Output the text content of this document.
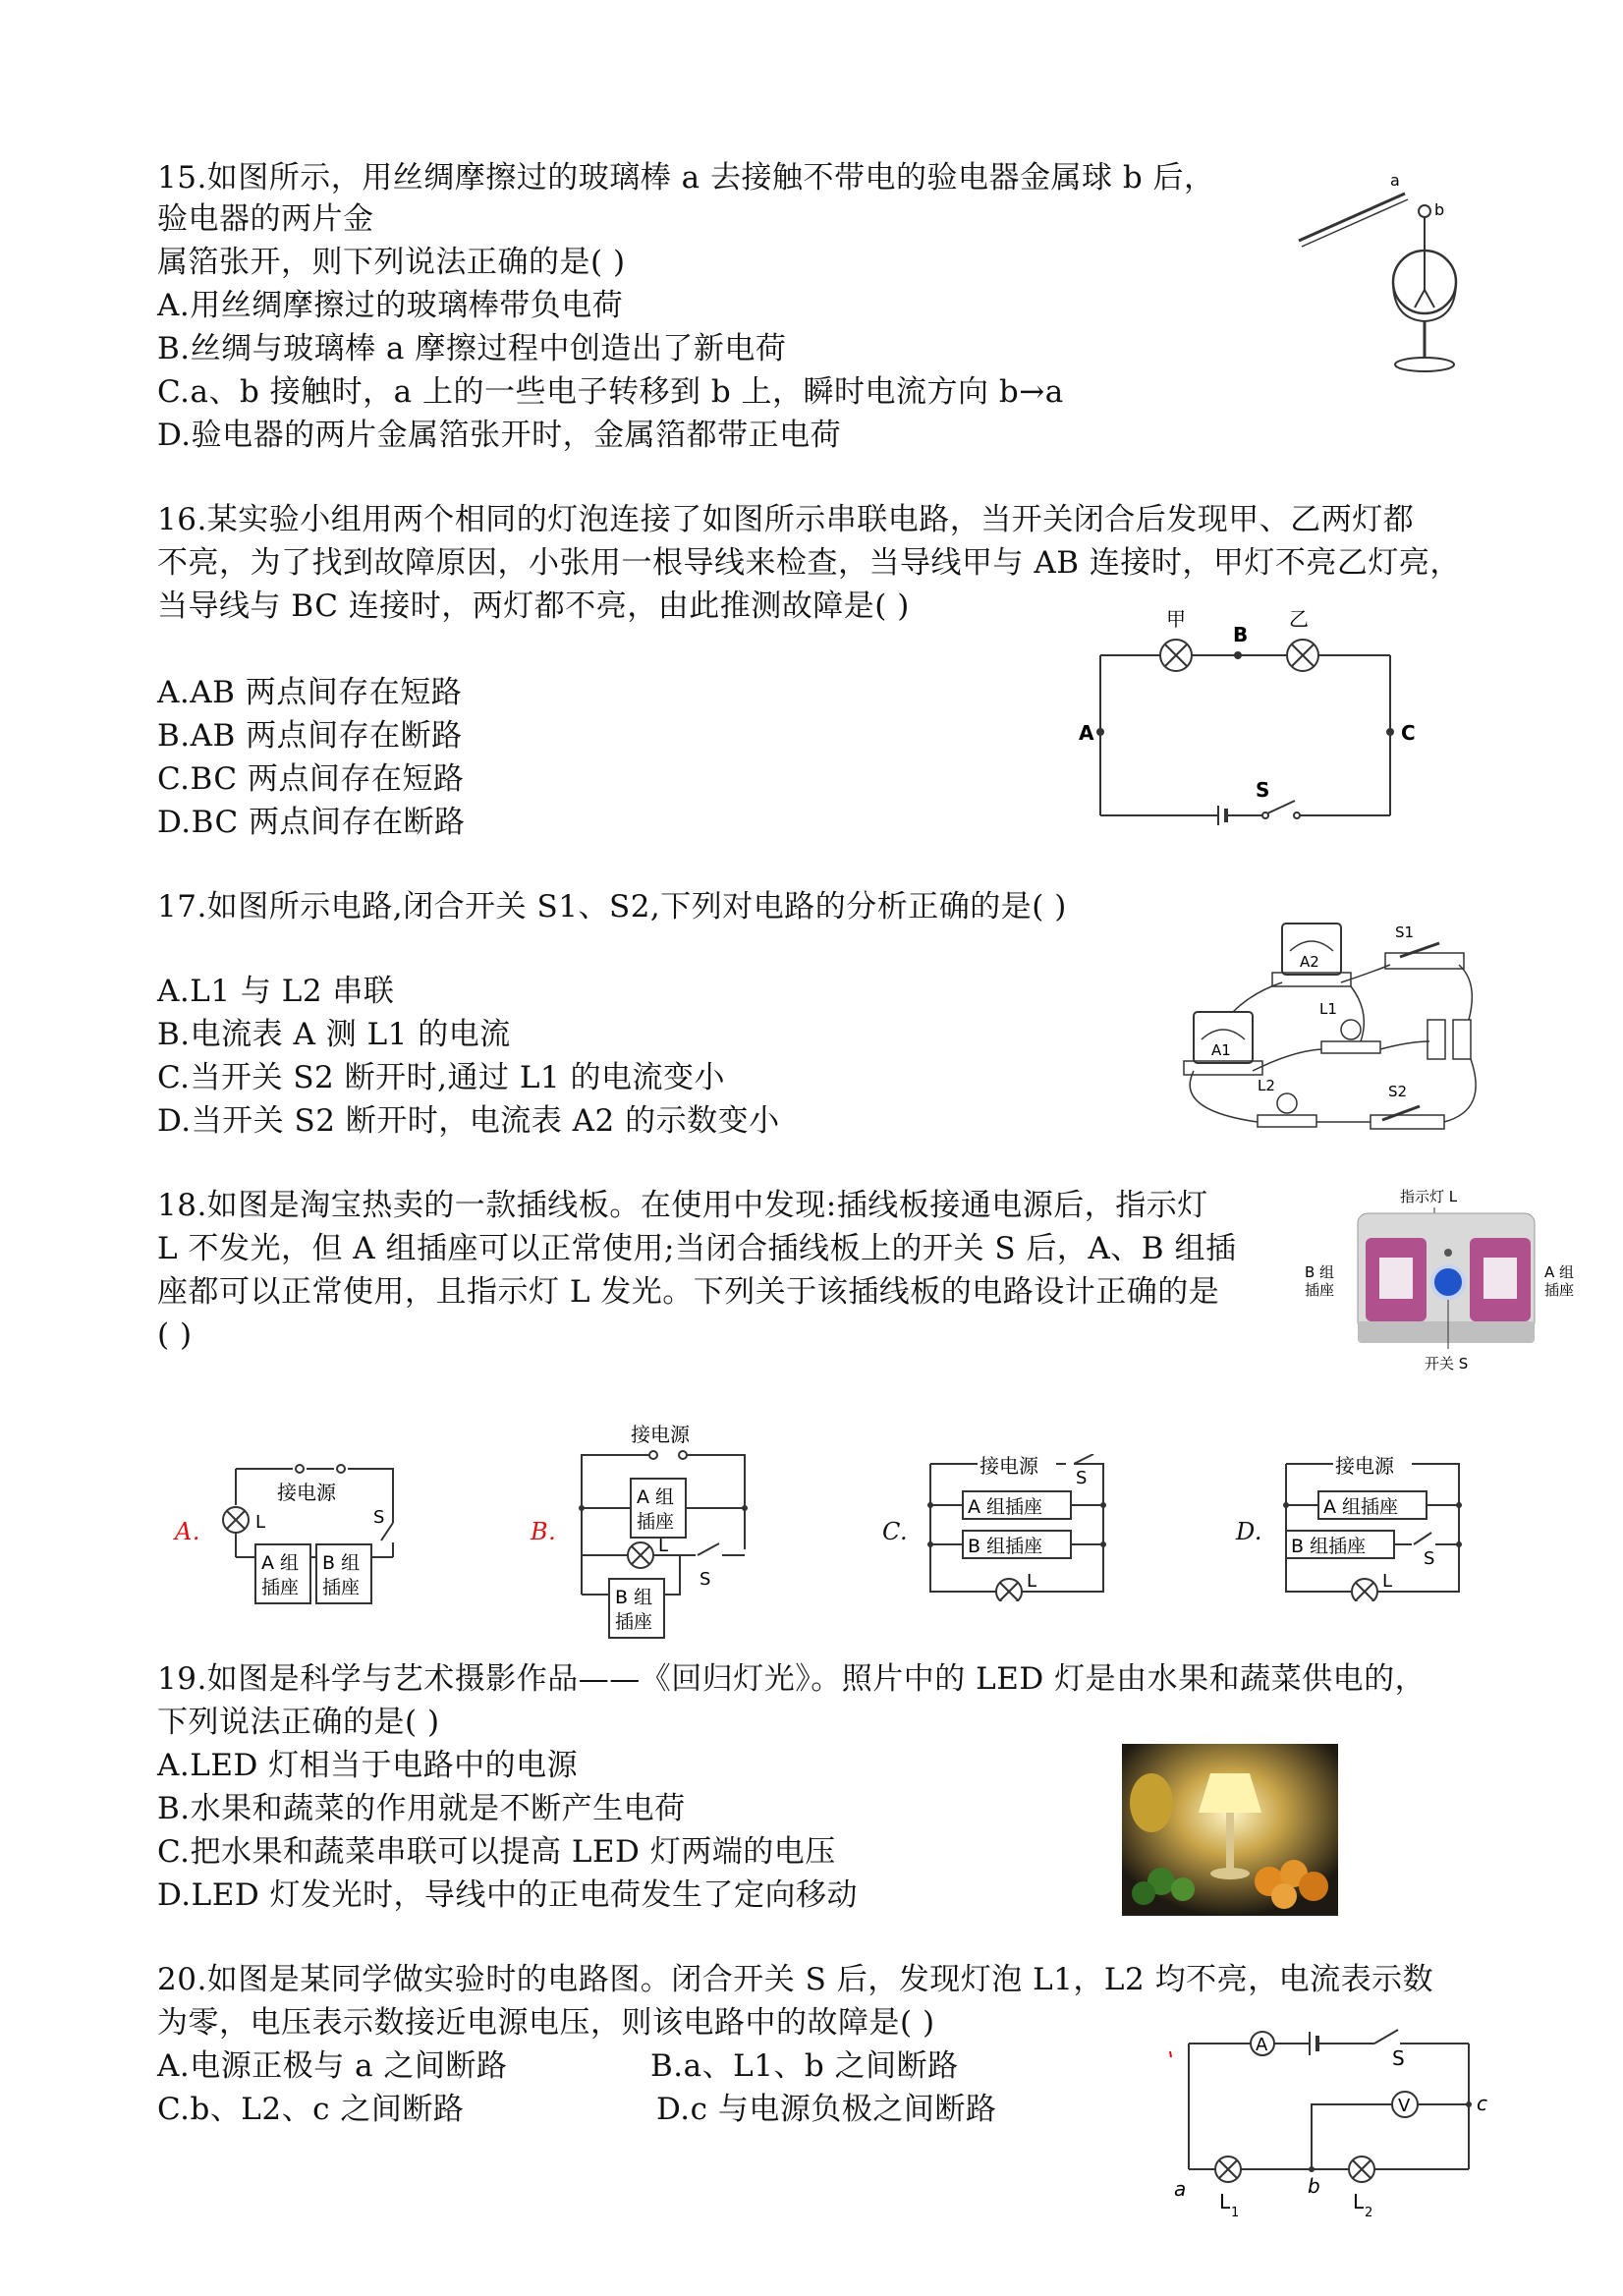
15.如图所示，用丝绸摩擦过的玻璃棒 a 去接触不带电的验电器金属球 b 后，
验电器的两片金
属箔张开，则下列说法正确的是( )
A.用丝绸摩擦过的玻璃棒带负电荷
B.丝绸与玻璃棒 a 摩擦过程中创造出了新电荷
C.a、b 接触时，a 上的一些电子转移到 b 上，瞬时电流方向 b→a
D.验电器的两片金属箔张开时，金属箔都带正电荷
a
b
16.某实验小组用两个相同的灯泡连接了如图所示串联电路，当开关闭合后发现甲、乙两灯都
不亮，为了找到故障原因，小张用一根导线来检查，当导线甲与 AB 连接时，甲灯不亮乙灯亮，
当导线与 BC 连接时，两灯都不亮，由此推测故障是( )
A.AB 两点间存在短路
B.AB 两点间存在断路
C.BC 两点间存在短路
D.BC 两点间存在断路
甲	乙
B
A	C
S
17.如图所示电路,闭合开关 S1、S2,下列对电路的分析正确的是( )
A.L1 与 L2 串联
B.电流表 A 测 L1 的电流
C.当开关 S2 断开时,通过 L1 的电流变小
D.当开关 S2 断开时，电流表 A2 的示数变小
A2
A1
S1
L1
L2	S2
18.如图是淘宝热卖的一款插线板。在使用中发现:插线板接通电源后，指示灯
L 不发光，但 A 组插座可以正常使用;当闭合插线板上的开关 S 后，A、B 组插
座都可以正常使用，且指示灯 L 发光。下列关于该插线板的电路设计正确的是
( )
指示灯 L
B 组
插座
A 组
插座
开关 S
A.
接电源
L
A 组
插座
B 组
插座
S
B.
接电源
A 组
插座
L
S
B 组
插座
C.
接电源
S
A 组插座
B 组插座
L
D.
接电源
A 组插座
B 组插座
S
L
19.如图是科学与艺术摄影作品——《回归灯光》。照片中的 LED 灯是由水果和蔬菜供电的，
下列说法正确的是( )
A.LED 灯相当于电路中的电源
B.水果和蔬菜的作用就是不断产生电荷
C.把水果和蔬菜串联可以提高 LED 灯两端的电压
D.LED 灯发光时，导线中的正电荷发生了定向移动
20.如图是某同学做实验时的电路图。闭合开关 S 后，发现灯泡 L1，L2 均不亮，电流表示数
为零，电压表示数接近电源电压，则该电路中的故障是( )
A.电源正极与 a 之间断路	B.a、L1、b 之间断路
C.b、L2、c 之间断路	D.c 与电源负极之间断路
A
S
V	c
a	b
L 1	L 2
